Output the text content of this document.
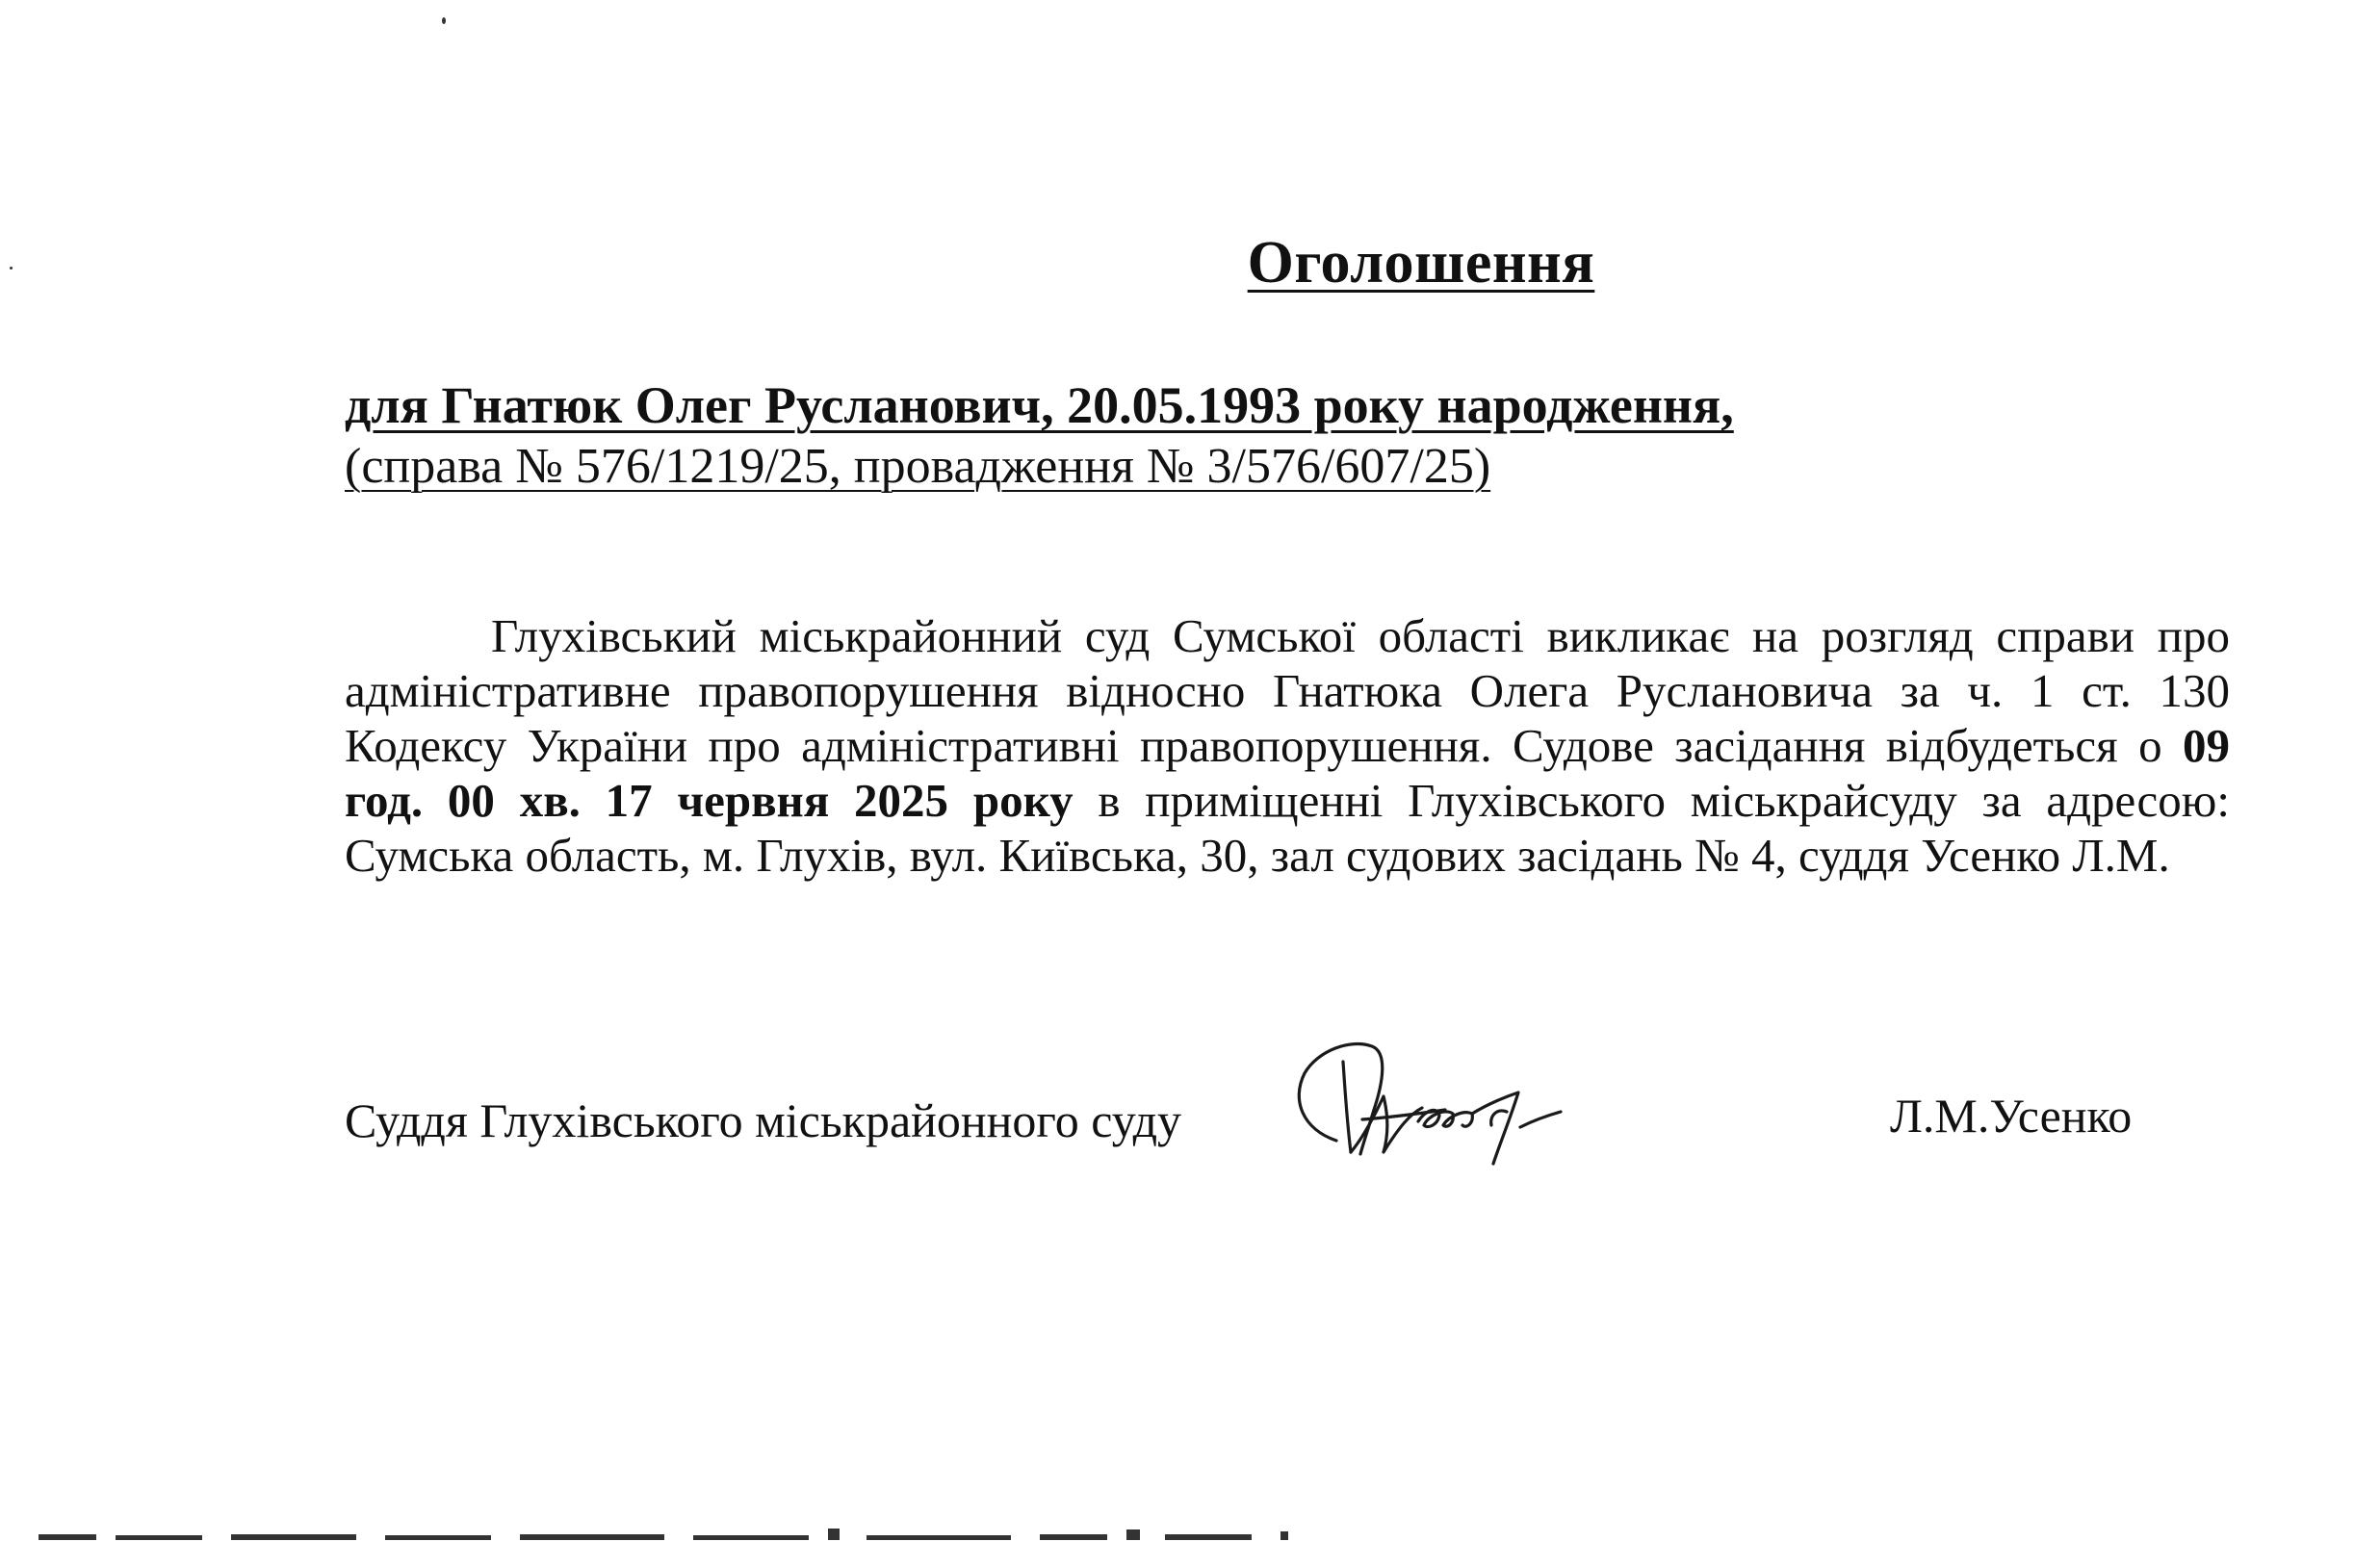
Оголошення
для Гнатюк Олег Русланович, 20.05.1993 року народження,
(справа № 576/1219/25, провадження № 3/576/607/25)

Глухівський міськрайонний суд Сумської області викликає на розгляд справи про адміністративне правопорушення відносно Гнатюка Олега Руслановича за ч. 1 ст. 130 Кодексу України про адміністративні правопорушення. Судове засідання відбудеться о 09 год. 00 хв. 17 червня 2025 року в приміщенні Глухівського міськрайсуду за адресою: Сумська область, м. Глухів, вул. Київська, 30, зал судових засідань № 4, суддя Усенко Л.М.

Суддя Глухівського міськрайонного суду	Л.М.Усенко
